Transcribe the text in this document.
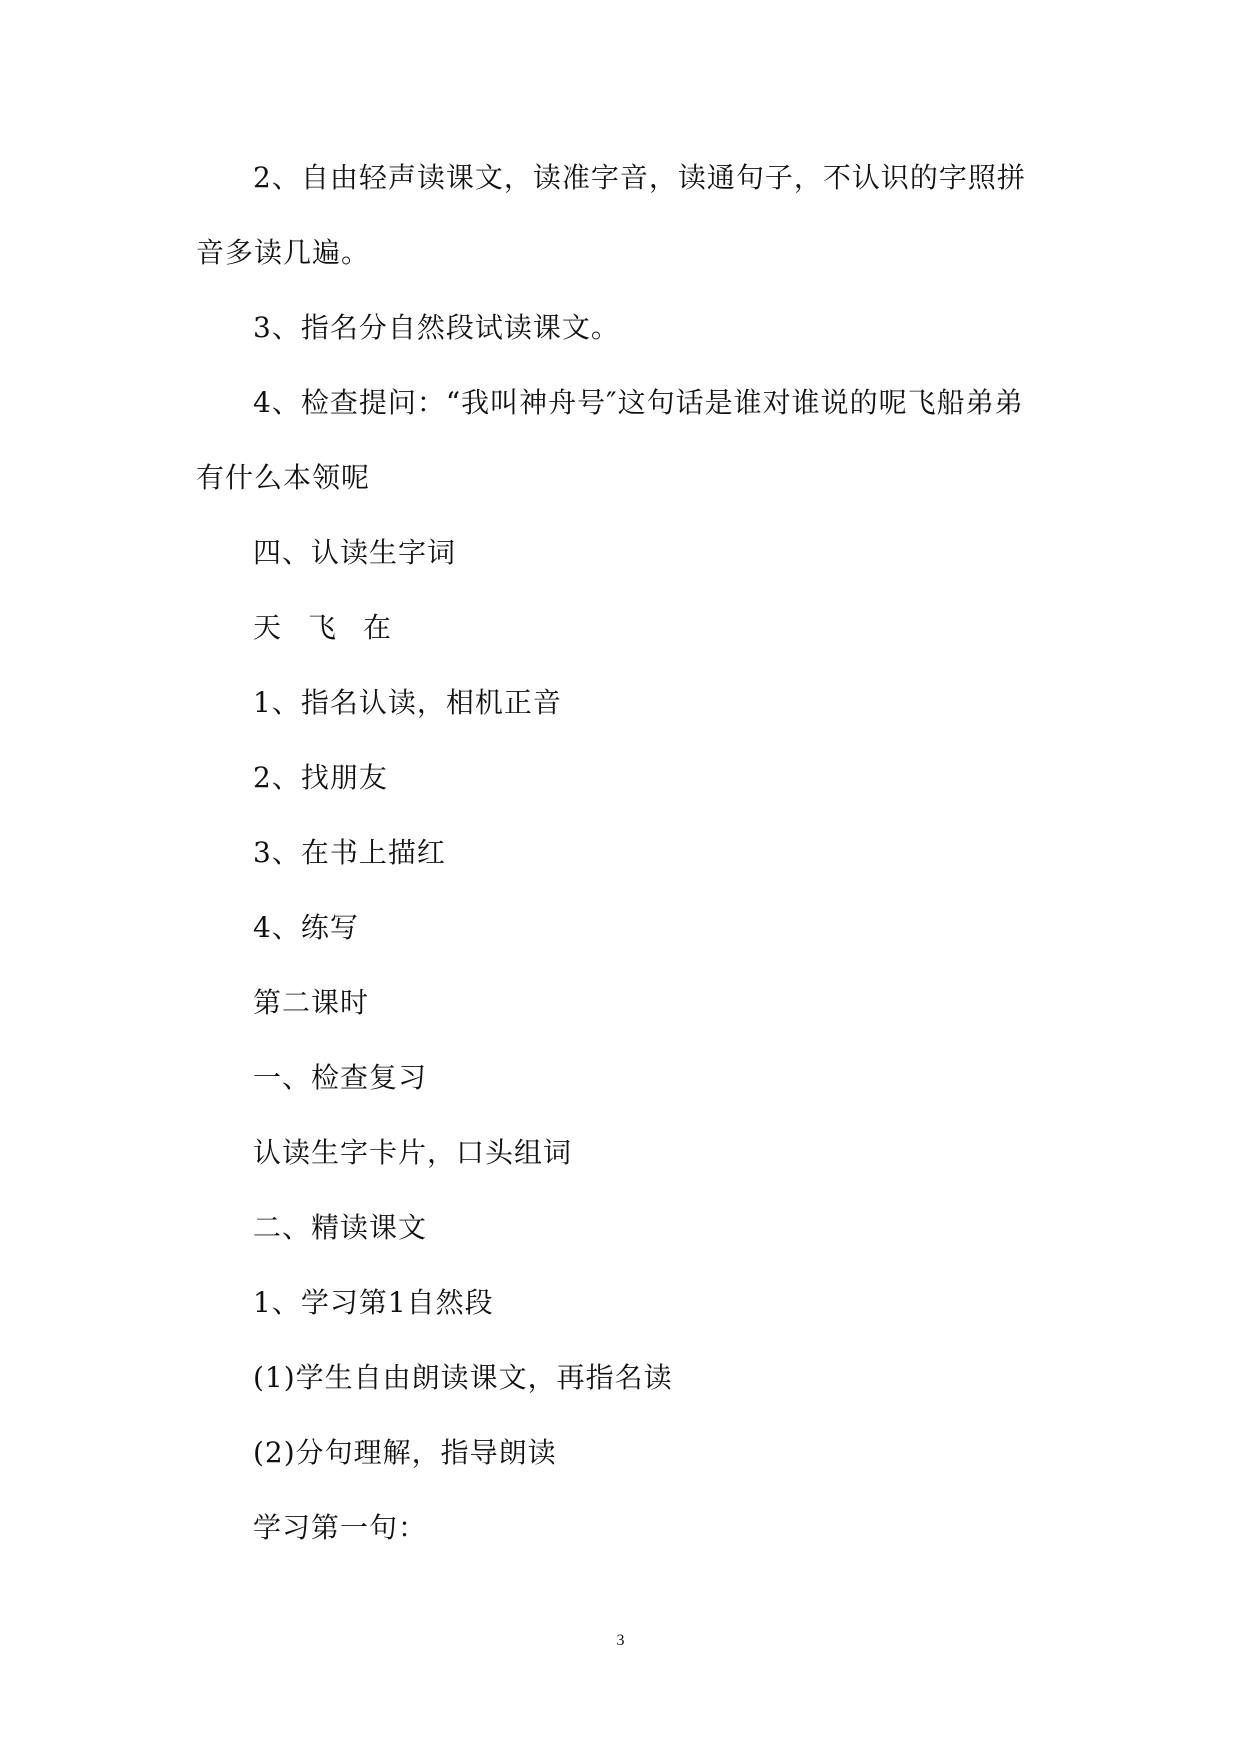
2、自由轻声读课文，读准字音，读通句子，不认识的字照拼
音多读几遍。
3、指名分自然段试读课文。
4、检查提问：“我叫神舟号″这句话是谁对谁说的呢飞船弟弟
有什么本领呢
四、认读生字词
天 飞 在
1、指名认读，相机正音
2、找朋友
3、在书上描红
4、练写
第二课时
一、检查复习
认读生字卡片，口头组词
二、精读课文
1、学习第1自然段
(1)学生自由朗读课文，再指名读
(2)分句理解，指导朗读
学习第一句：
3
